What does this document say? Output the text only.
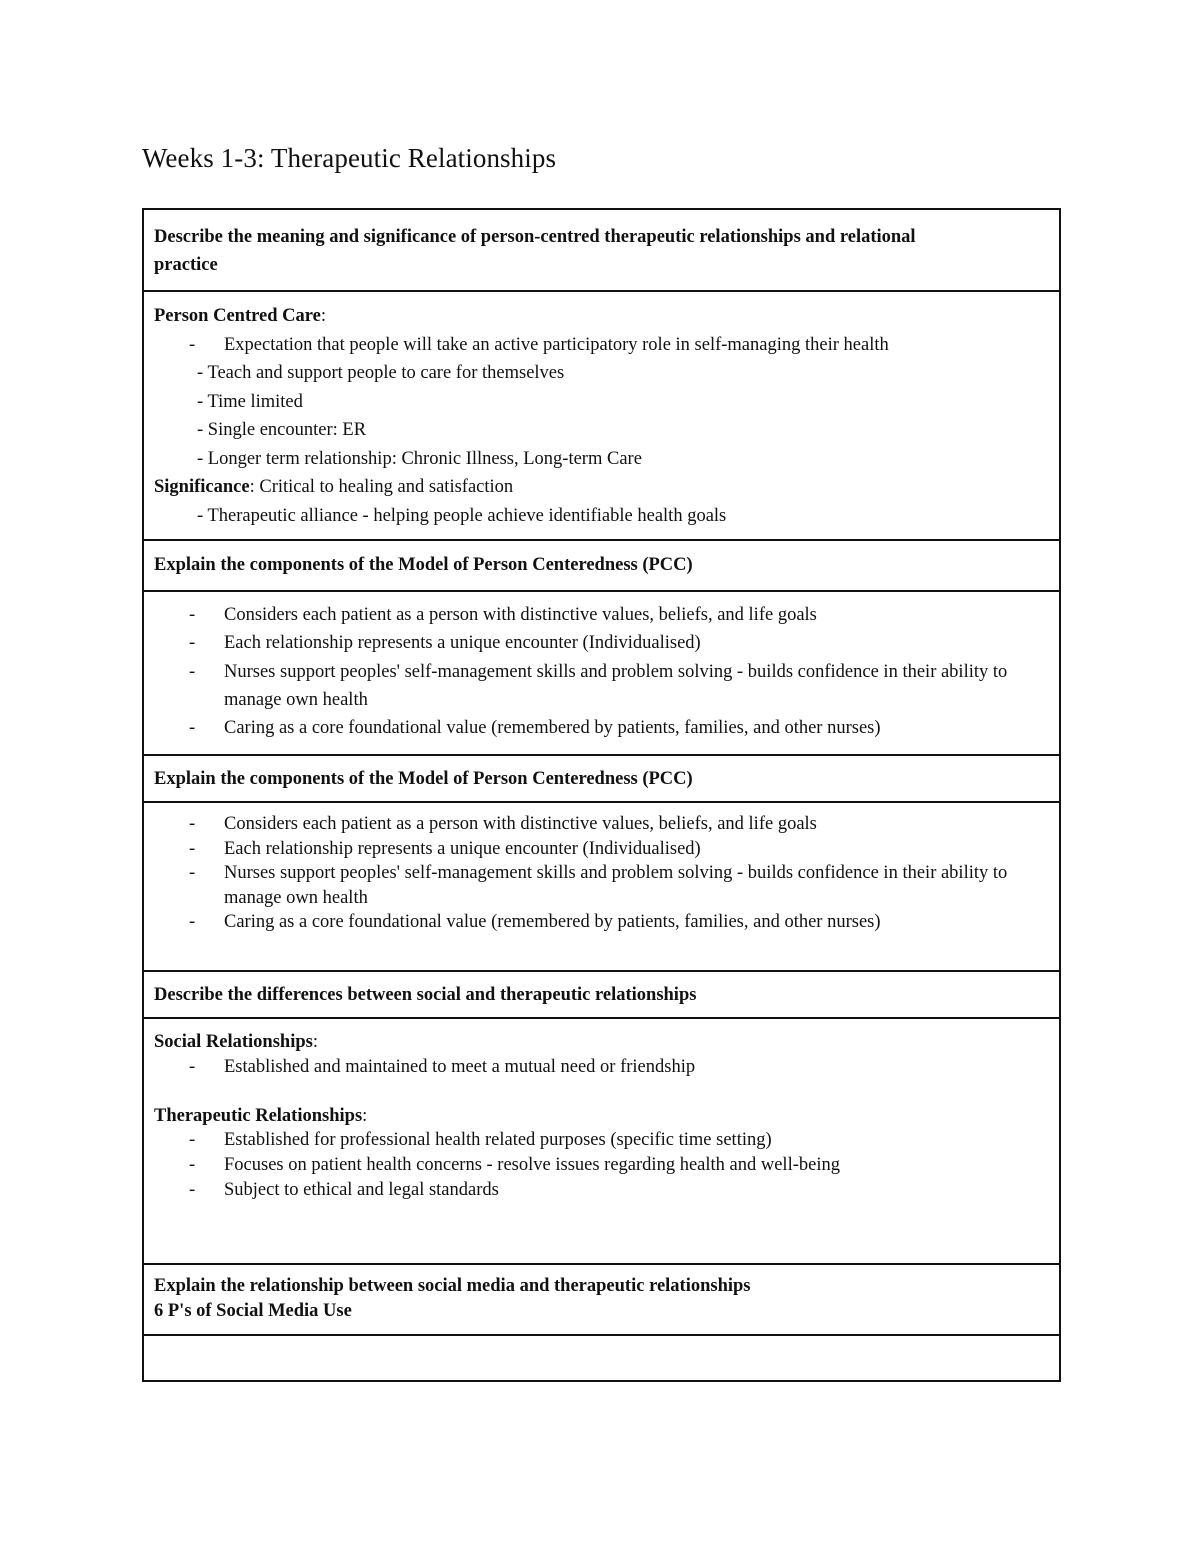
Weeks 1-3: Therapeutic Relationships
Describe the meaning and significance of person-centred therapeutic relationships and relational
practice
Person Centred Care:
- Expectation that people will take an active participatory role in self-managing their health
- Teach and support people to care for themselves
- Time limited
- Single encounter: ER
- Longer term relationship: Chronic Illness, Long-term Care
Significance: Critical to healing and satisfaction
- Therapeutic alliance - helping people achieve identifiable health goals
Explain the components of the Model of Person Centeredness (PCC)
- Considers each patient as a person with distinctive values, beliefs, and life goals
- Each relationship represents a unique encounter (Individualised)
- Nurses support peoples' self-management skills and problem solving - builds confidence in their ability to manage own health
- Caring as a core foundational value (remembered by patients, families, and other nurses)
Explain the components of the Model of Person Centeredness (PCC)
- Considers each patient as a person with distinctive values, beliefs, and life goals
- Each relationship represents a unique encounter (Individualised)
- Nurses support peoples' self-management skills and problem solving - builds confidence in their ability to manage own health
- Caring as a core foundational value (remembered by patients, families, and other nurses)
Describe the differences between social and therapeutic relationships
Social Relationships:
- Established and maintained to meet a mutual need or friendship
Therapeutic Relationships:
- Established for professional health related purposes (specific time setting)
- Focuses on patient health concerns - resolve issues regarding health and well-being
- Subject to ethical and legal standards
Explain the relationship between social media and therapeutic relationships
6 P's of Social Media Use
